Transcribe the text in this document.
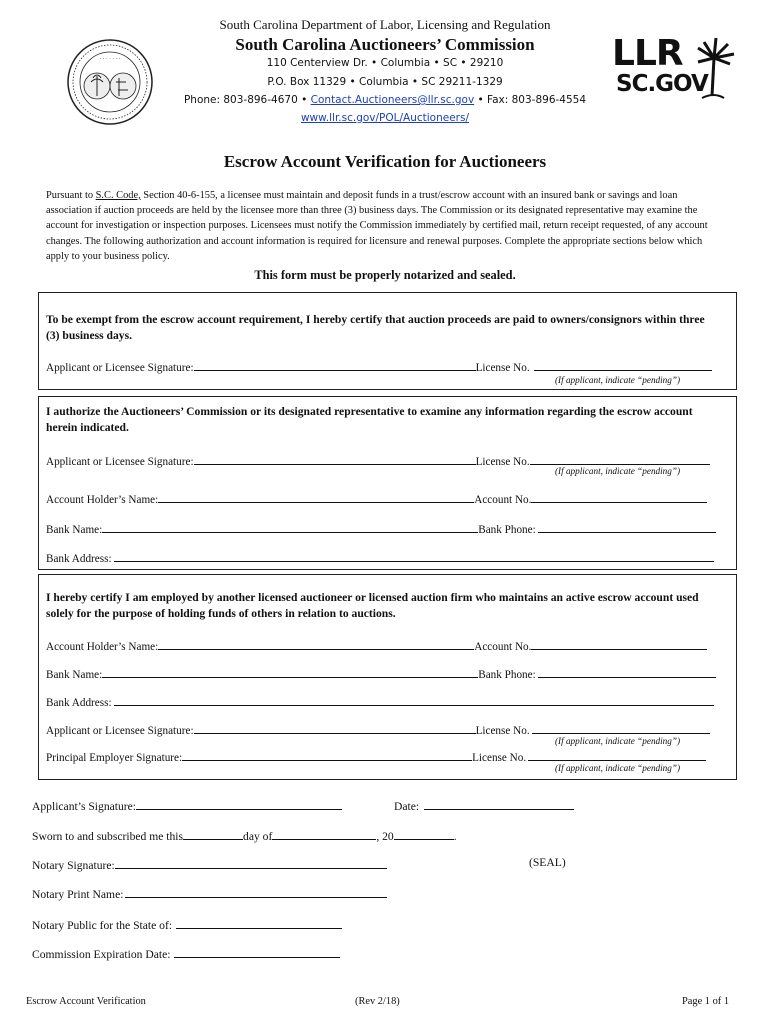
· · · · · · ·
South Carolina Department of Labor, Licensing and Regulation
South Carolina Auctioneers’ Commission
110 Centerview Dr. • Columbia • SC • 29210
P.O. Box 11329 • Columbia • SC 29211-1329
Phone: 803-896-4670 • Contact.Auctioneers@llr.sc.gov • Fax: 803-896-4554
www.llr.sc.gov/POL/Auctioneers/
LLR
SC.GOV
Escrow Account Verification for Auctioneers
Pursuant to S.C. Code, Section 40-6-155, a licensee must maintain and deposit funds in a trust/escrow account with an insured bank or savings and loan association if auction proceeds are held by the licensee more than three (3) business days. The Commission or its designated representative may examine the account for investigation or inspection purposes. Licensees must notify the Commission immediately by certified mail, return receipt requested, of any account changes. The following authorization and account information is required for licensure and renewal purposes. Complete the appropriate sections below which apply to your business policy.
This form must be properly notarized and sealed.
To be exempt from the escrow account requirement, I hereby certify that auction proceeds are paid to owners/consignors within three (3) business days.
Applicant or Licensee Signature:	License No.
(If applicant, indicate “pending”)
I authorize the Auctioneers’ Commission or its designated representative to examine any information regarding the escrow account herein indicated.
Applicant or Licensee Signature:	License No.
(If applicant, indicate “pending”)
Account Holder’s Name:	Account No.
Bank Name:	Bank Phone:
Bank Address:
I hereby certify I am employed by another licensed auctioneer or licensed auction firm who maintains an active escrow account used solely for the purpose of holding funds of others in relation to auctions.
Account Holder’s Name:	Account No.
Bank Name:	Bank Phone:
Bank Address:
Applicant or Licensee Signature:	License No.
(If applicant, indicate “pending”)
Principal Employer Signature:	License No.
(If applicant, indicate “pending”)
Applicant’s Signature:	Date:
Sworn to and subscribed me this	day of	, 20	.
Notary Signature:	(SEAL)
Notary Print Name:
Notary Public for the State of:
Commission Expiration Date:
Escrow Account Verification	(Rev 2/18)	Page 1 of 1
